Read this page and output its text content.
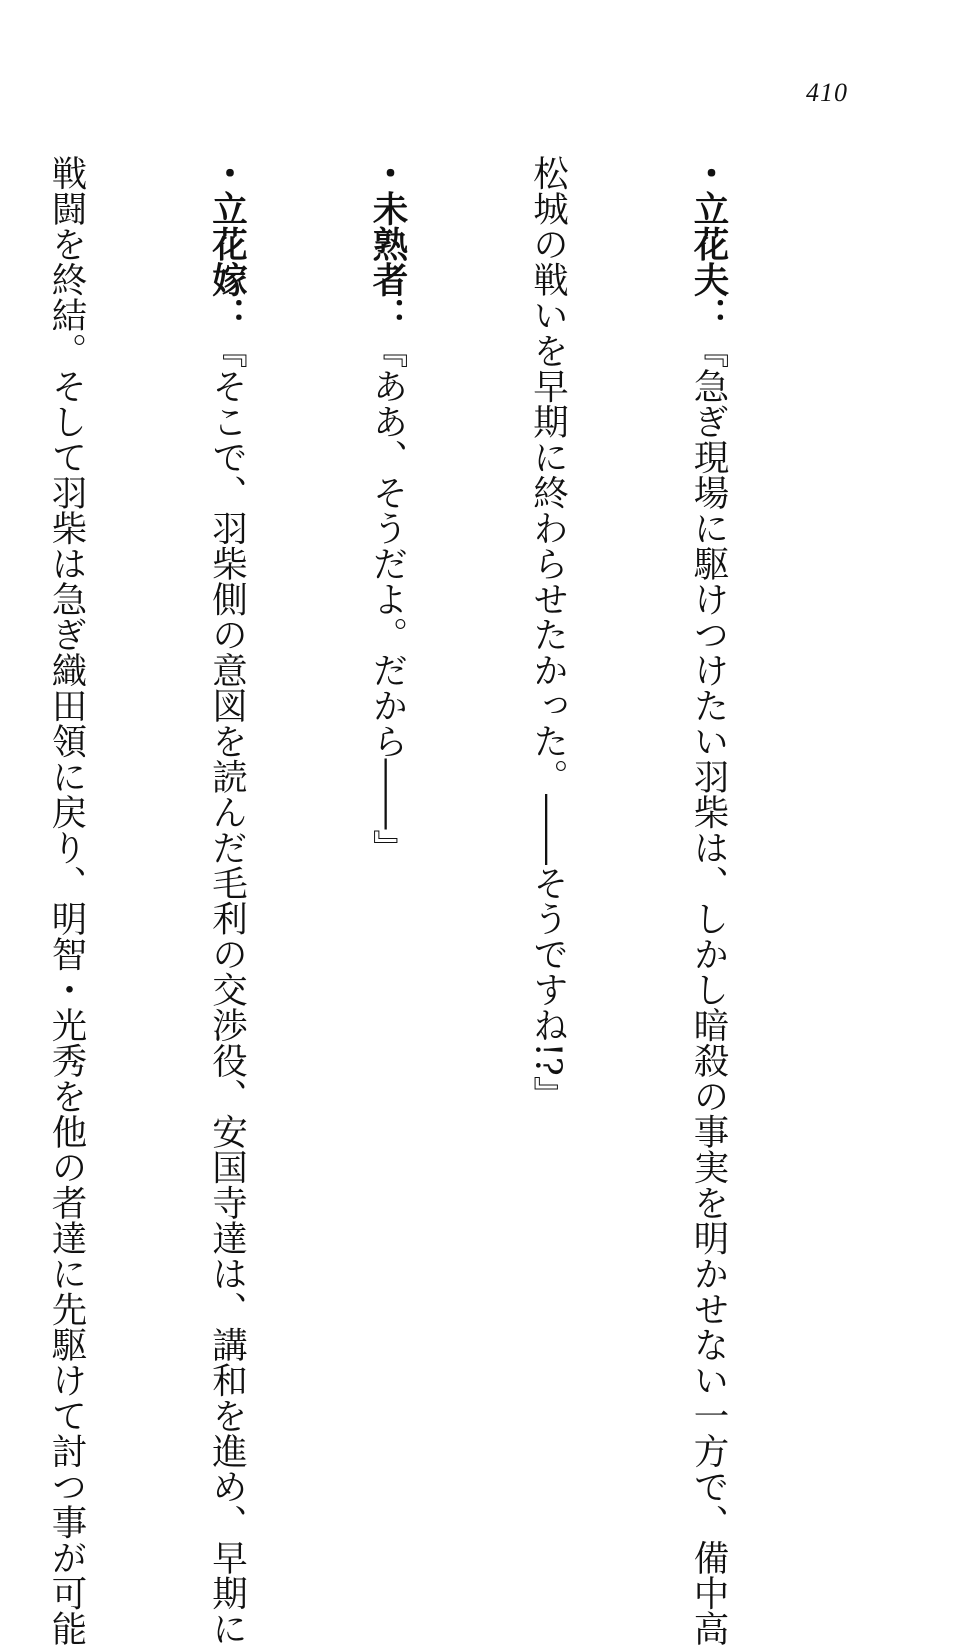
410

・立花夫：『急ぎ現場に駆けつけたい羽柴は、しかし暗殺の事実を明かせない一方で、備中高

松城の戦いを早期に終わらせたかった。――そうですね!?』

・未熟者：『ああ、そうだよ。だから――』

・立花嫁：『そこで、羽柴側の意図を読んだ毛利の交渉役、安国寺達は、講和を進め、早期に

戦闘を終結。そして羽柴は急ぎ織田領に戻り、明智・光秀を他の者達に先駆けて討つ事が可能
